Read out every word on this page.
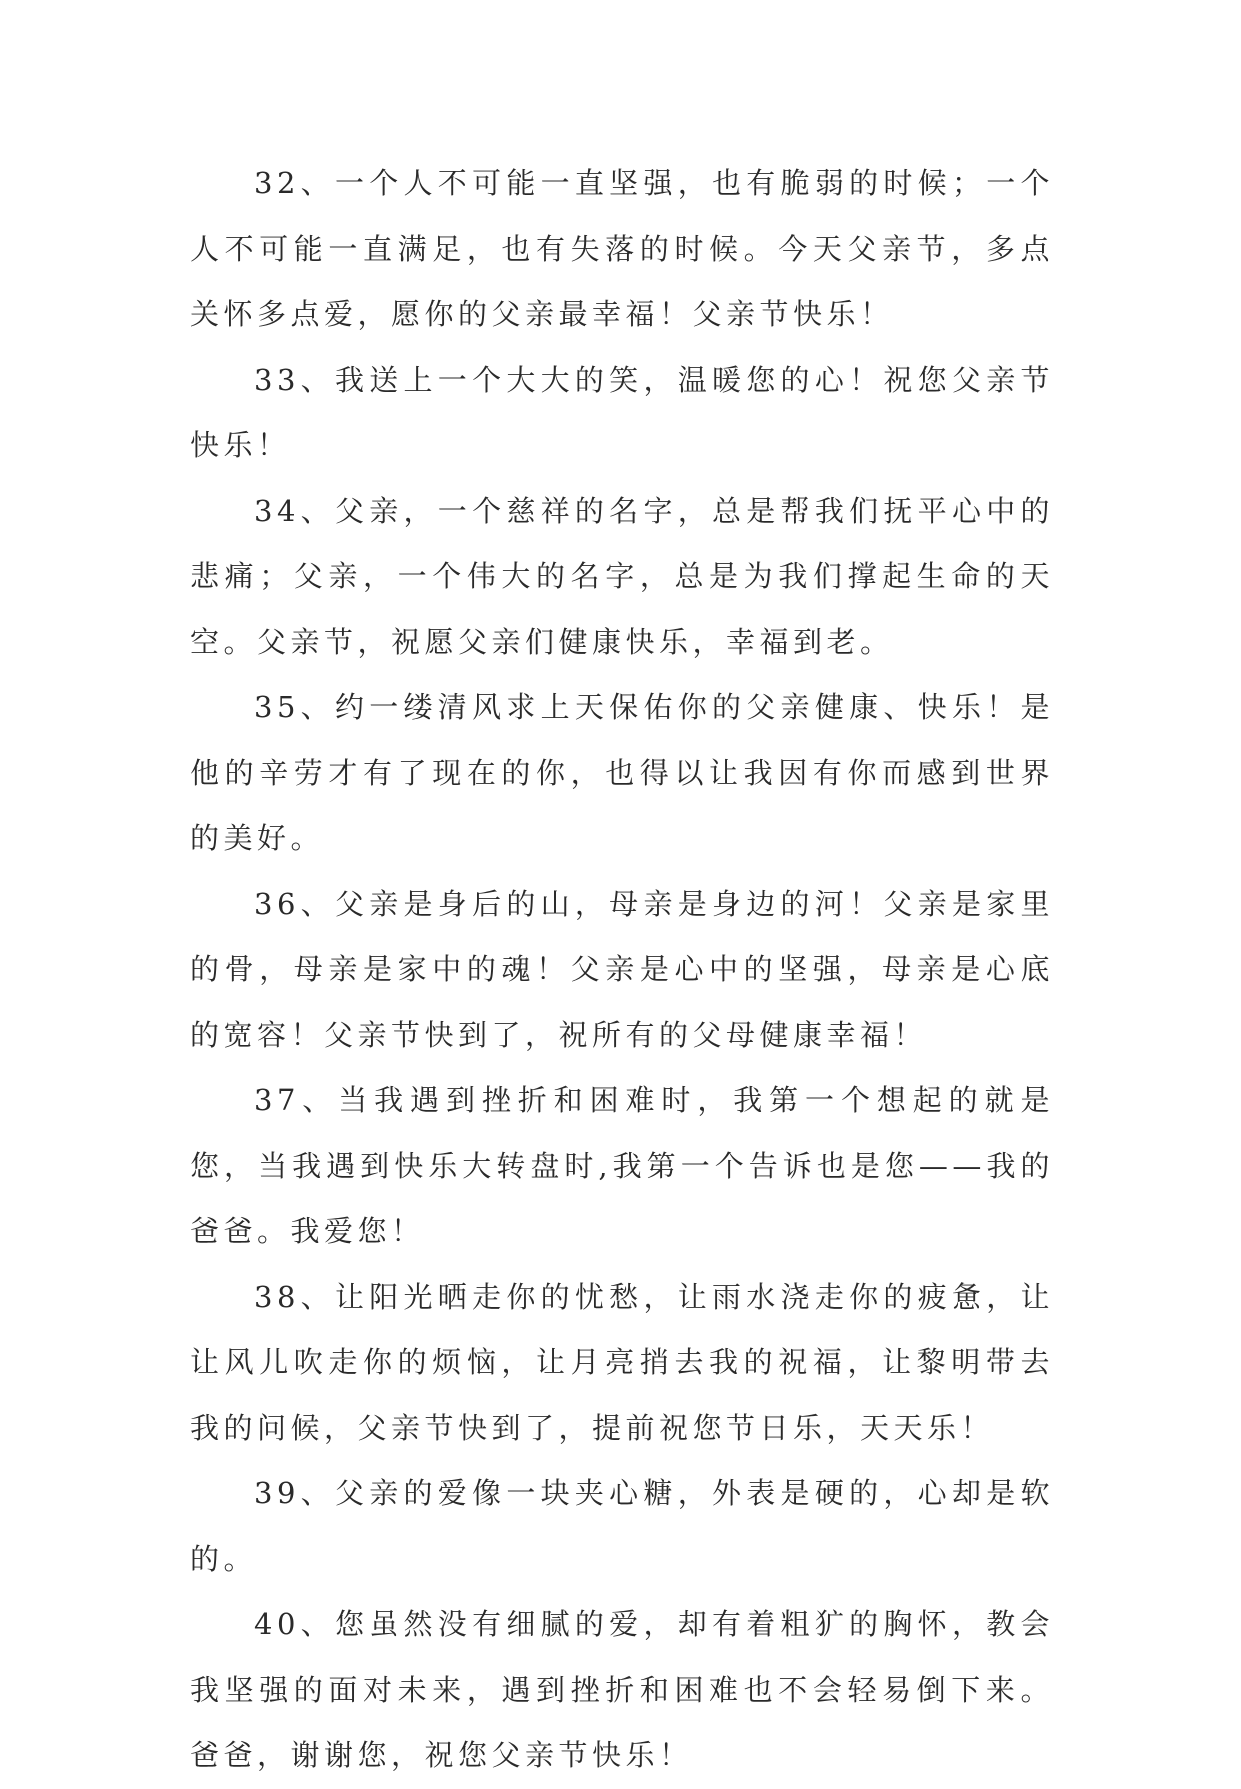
32、一个人不可能一直坚强，也有脆弱的时候；一个人不可能一直满足，也有失落的时候。今天父亲节，多点关怀多点爱，愿你的父亲最幸福！父亲节快乐！

33、我送上一个大大的笑，温暖您的心！祝您父亲节快乐！

34、父亲，一个慈祥的名字，总是帮我们抚平心中的悲痛；父亲，一个伟大的名字，总是为我们撑起生命的天空。父亲节，祝愿父亲们健康快乐，幸福到老。

35、约一缕清风求上天保佑你的父亲健康、快乐！是他的辛劳才有了现在的你，也得以让我因有你而感到世界的美好。

36、父亲是身后的山，母亲是身边的河！父亲是家里的骨，母亲是家中的魂！父亲是心中的坚强，母亲是心底的宽容！父亲节快到了，祝所有的父母健康幸福！

37、当我遇到挫折和困难时，我第一个想起的就是您，当我遇到快乐大转盘时,我第一个告诉也是您——我的爸爸。我爱您！

38、让阳光晒走你的忧愁，让雨水浇走你的疲惫，让让风儿吹走你的烦恼，让月亮捎去我的祝福，让黎明带去我的问候，父亲节快到了，提前祝您节日乐，天天乐！

39、父亲的爱像一块夹心糖，外表是硬的，心却是软的。

40、您虽然没有细腻的爱，却有着粗犷的胸怀，教会我坚强的面对未来，遇到挫折和困难也不会轻易倒下来。爸爸，谢谢您，祝您父亲节快乐！
